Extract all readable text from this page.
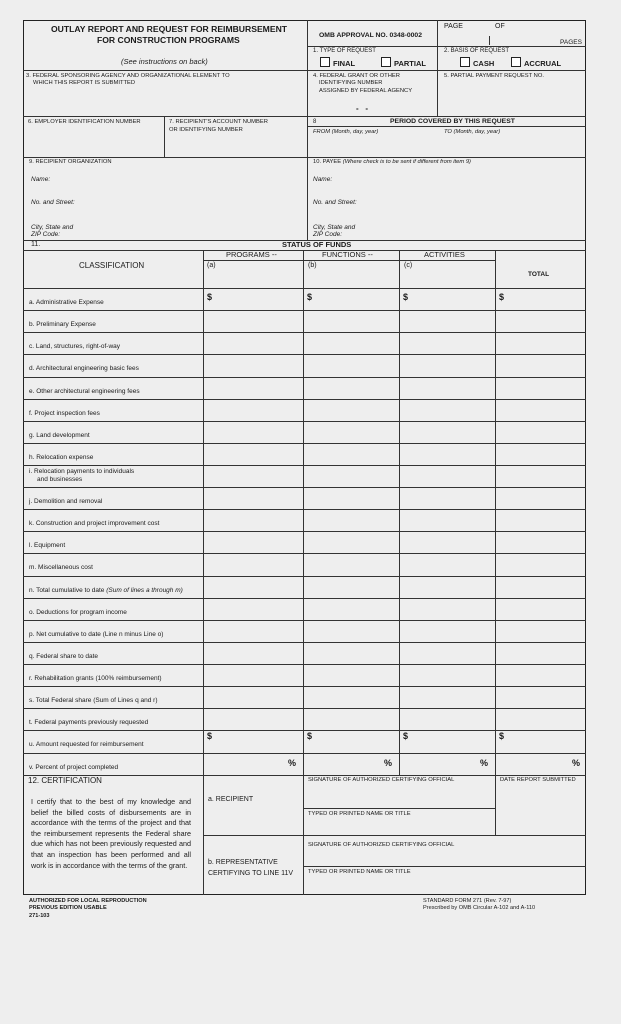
OUTLAY REPORT AND REQUEST FOR REIMBURSEMENT
FOR CONSTRUCTION PROGRAMS
(See instructions on back)
OMB APPROVAL NO. 0348-0002
PAGE	OF
PAGES
1. TYPE OF REQUEST
FINAL	PARTIAL
2. BASIS OF REQUEST
CASH	ACCRUAL
3. FEDERAL SPONSORING AGENCY AND ORGANIZATIONAL ELEMENT TO
WHICH THIS REPORT IS SUBMITTED
4. FEDERAL GRANT OR OTHER
IDENTIFYING NUMBER
ASSIGNED BY FEDERAL AGENCY
-   -
5. PARTIAL PAYMENT REQUEST NO.
6. EMPLOYER IDENTIFICATION NUMBER	7. RECIPIENT'S ACCOUNT NUMBER
OR IDENTIFYING NUMBER
8	PERIOD COVERED BY THIS REQUEST
FROM (Month, day, year)	TO (Month, day, year)
9. RECIPIENT ORGANIZATION
Name:
No. and Street:
City, State and
ZIP Code:
10. PAYEE (Where check is to be sent if different from item 9)
Name:
No. and Street:
City, State and
ZIP Code:
11.	STATUS OF FUNDS
CLASSIFICATION
PROGRAMS --	FUNCTIONS --	ACTIVITIES
(a)	(b)	(c)
TOTAL
a. Administrative Expense
$	$	$	$
b. Preliminary Expense
c. Land, structures, right-of-way
d. Architectural engineering basic fees
e. Other architectural engineering fees
f. Project inspection fees
g. Land development
h. Relocation expense
i. Relocation payments to individuals
and businesses
j. Demolition and removal
k. Construction and project improvement cost
l. Equipment
m. Miscellaneous cost
n. Total cumulative to date (Sum of lines a through m)
o. Deductions for program income
p. Net cumulative to date (Line n minus Line o)
q. Federal share to date
r. Rehabilitation grants (100% reimbursement)
s. Total Federal share (Sum of Lines q and r)
t. Federal payments previously requested
u. Amount requested for reimbursement
$	$	$	$
v. Percent of project completed	%	%	%	%
12. CERTIFICATION
I certify that to the best of my knowledge and belief the billed costs of disbursements are in accordance with the terms of the project and that the reimbursement represents the Federal share due which has not been previously requested and that an inspection has been performed and all work is in accordance with the terms of the grant.
a. RECIPIENT
b. REPRESENTATIVE
CERTIFYING TO LINE 11V
SIGNATURE OF AUTHORIZED CERTIFYING OFFICIAL
TYPED OR PRINTED NAME OR TITLE
DATE REPORT SUBMITTED
SIGNATURE OF AUTHORIZED CERTIFYING OFFICIAL
TYPED OR PRINTED NAME OR TITLE
AUTHORIZED FOR LOCAL REPRODUCTION
PREVIOUS EDITION USABLE
271-103
STANDARD FORM 271 (Rev. 7-97)
Prescribed by OMB Circular A-102 and A-110
